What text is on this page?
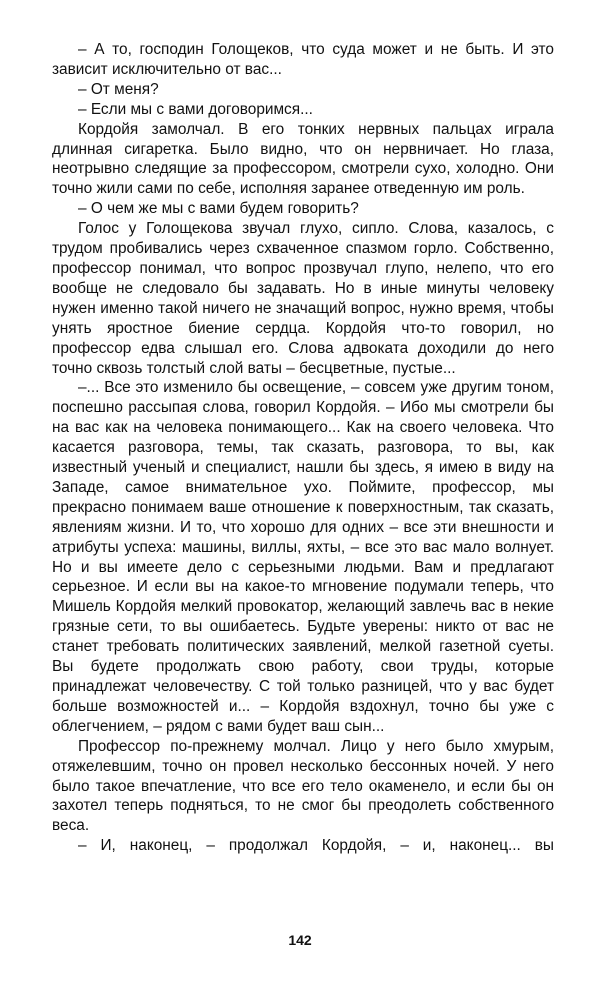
– А то, господин Голощеков, что суда может и не быть. И это зависит исключительно от вас...

– От меня?

– Если мы с вами договоримся...

Кордойя замолчал. В его тонких нервных пальцах играла длинная сигаретка. Было видно, что он нервничает. Но глаза, неотрывно следящие за профессором, смотрели сухо, холодно. Они точно жили сами по себе, исполняя заранее отведенную им роль.

– О чем же мы с вами будем говорить?

Голос у Голощекова звучал глухо, сипло. Слова, казалось, с трудом пробивались через схваченное спазмом горло. Собственно, профессор понимал, что вопрос прозвучал глупо, нелепо, что его вообще не следовало бы задавать. Но в иные минуты человеку нужен именно такой ничего не значащий вопрос, нужно время, чтобы унять яростное биение сердца. Кордойя что-то говорил, но профессор едва слышал его. Слова адвоката доходили до него точно сквозь толстый слой ваты – бесцветные, пустые...

–... Все это изменило бы освещение, – совсем уже другим тоном, поспешно рассыпая слова, говорил Кордойя. – Ибо мы смотрели бы на вас как на человека понимающего... Как на своего человека. Что касается разговора, темы, так сказать, разговора, то вы, как известный ученый и специалист, нашли бы здесь, я имею в виду на Западе, самое внимательное ухо. Поймите, профессор, мы прекрасно понимаем ваше отношение к поверхностным, так сказать, явлениям жизни. И то, что хорошо для одних – все эти внешности и атрибуты успеха: машины, виллы, яхты, – все это вас мало волнует. Но и вы имеете дело с серьезными людьми. Вам и предлагают серьезное. И если вы на какое-то мгновение подумали теперь, что Мишель Кордойя мелкий провокатор, желающий завлечь вас в некие грязные сети, то вы ошибаетесь. Будьте уверены: никто от вас не станет требовать политических заявлений, мелкой газетной суеты. Вы будете продолжать свою работу, свои труды, которые принадлежат человечеству. С той только разницей, что у вас будет больше возможностей и... – Кордойя вздохнул, точно бы уже с облегчением, – рядом с вами будет ваш сын...

Профессор по-прежнему молчал. Лицо у него было хмурым, отяжелевшим, точно он провел несколько бессонных ночей. У него было такое впечатление, что все его тело окаменело, и если бы он захотел теперь подняться, то не смог бы преодолеть собственного веса.

– И, наконец, – продолжал Кордойя, – и, наконец... вы

142
